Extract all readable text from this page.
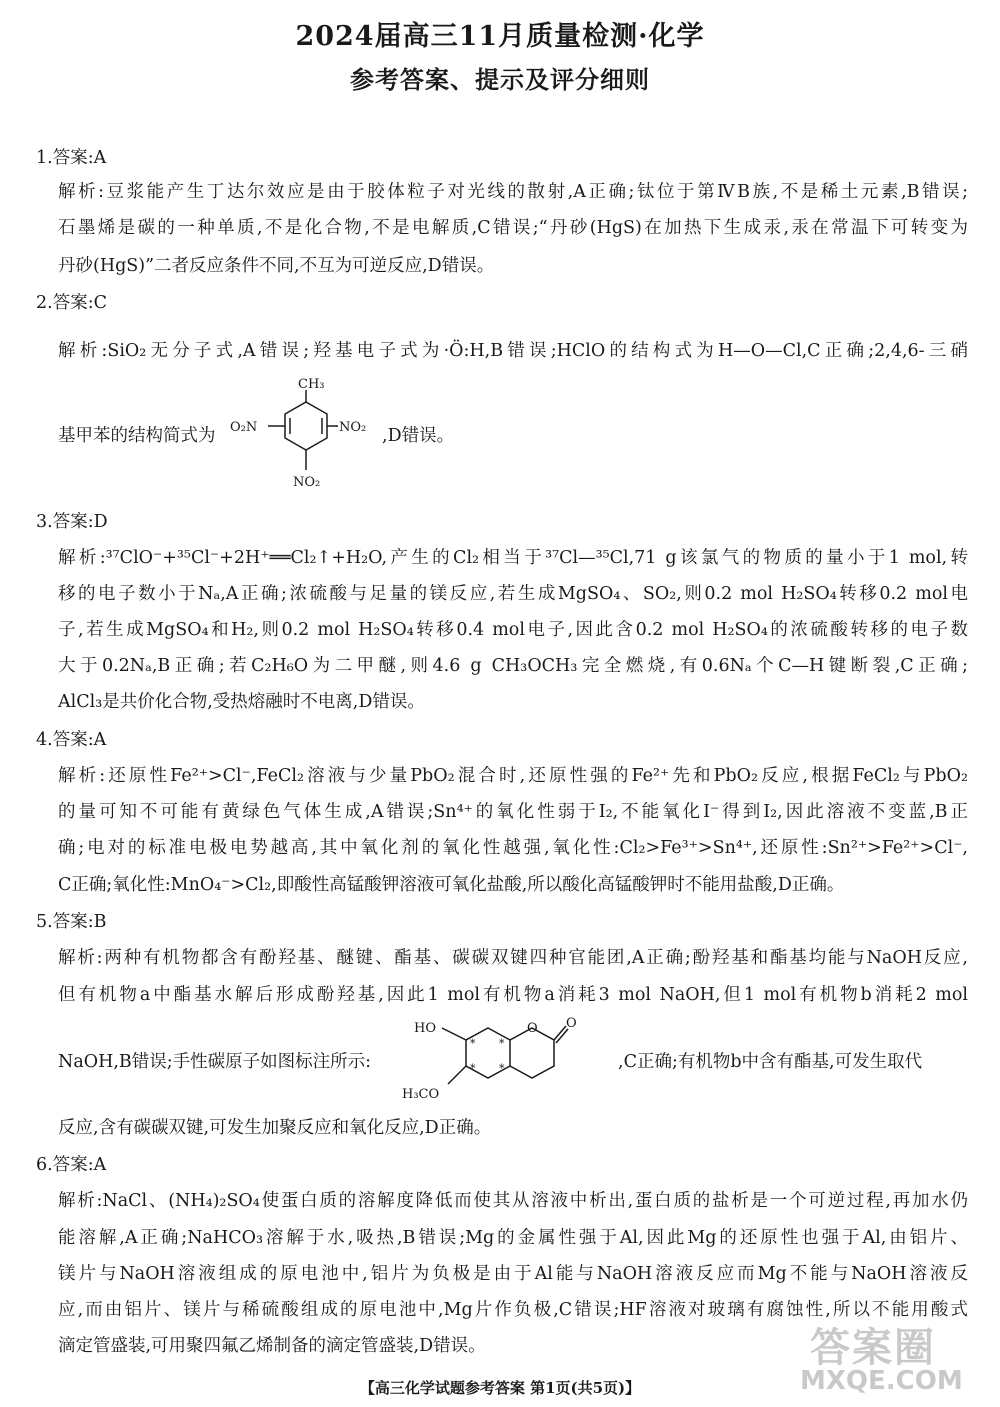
2024届高三11月质量检测·化学
参考答案、提示及评分细则
1.答案:A
解析:豆浆能产生丁达尔效应是由于胶体粒子对光线的散射,A正确;钛位于第ⅣB族,不是稀土元素,B错误;
石墨烯是碳的一种单质,不是化合物,不是电解质,C错误;“丹砂(HgS)在加热下生成汞,汞在常温下可转变为
丹砂(HgS)”二者反应条件不同,不互为可逆反应,D错误。
2.答案:C
解析:SiO₂无分子式,A错误;羟基电子式为·Ö:H,B错误;HClO的结构式为H—O—Cl,C正确;2,4,6-三硝
基甲苯的结构简式为
CH₃
O₂N	NO₂
NO₂
,D错误。
3.答案:D
解析:³⁷ClO⁻+³⁵Cl⁻+2H⁺══Cl₂↑+H₂O,产生的Cl₂相当于³⁷Cl—³⁵Cl,71 g该氯气的物质的量小于1 mol,转
移的电子数小于Nₐ,A正确;浓硫酸与足量的镁反应,若生成MgSO₄、SO₂,则0.2 mol H₂SO₄转移0.2 mol电
子,若生成MgSO₄和H₂,则0.2 mol H₂SO₄转移0.4 mol电子,因此含0.2 mol H₂SO₄的浓硫酸转移的电子数
大于0.2Nₐ,B正确;若C₂H₆O为二甲醚,则4.6 g CH₃OCH₃完全燃烧,有0.6Nₐ个C—H键断裂,C正确;
AlCl₃是共价化合物,受热熔融时不电离,D错误。
4.答案:A
解析:还原性Fe²⁺>Cl⁻,FeCl₂溶液与少量PbO₂混合时,还原性强的Fe²⁺先和PbO₂反应,根据FeCl₂与PbO₂
的量可知不可能有黄绿色气体生成,A错误;Sn⁴⁺的氧化性弱于I₂,不能氧化I⁻得到I₂,因此溶液不变蓝,B正
确;电对的标准电极电势越高,其中氧化剂的氧化性越强,氧化性:Cl₂>Fe³⁺>Sn⁴⁺,还原性:Sn²⁺>Fe²⁺>Cl⁻,
C正确;氧化性:MnO₄⁻>Cl₂,即酸性高锰酸钾溶液可氧化盐酸,所以酸化高锰酸钾时不能用盐酸,D正确。
5.答案:B
解析:两种有机物都含有酚羟基、醚键、酯基、碳碳双键四种官能团,A正确;酚羟基和酯基均能与NaOH反应,
但有机物a中酯基水解后形成酚羟基,因此1 mol有机物a消耗3 mol NaOH,但1 mol有机物b消耗2 mol
NaOH,B错误;手性碳原子如图标注所示:
HO
H₃CO
O O
* *
* *	,C正确;有机物b中含有酯基,可发生取代
反应,含有碳碳双键,可发生加聚反应和氧化反应,D正确。
6.答案:A
解析:NaCl、(NH₄)₂SO₄使蛋白质的溶解度降低而使其从溶液中析出,蛋白质的盐析是一个可逆过程,再加水仍
能溶解,A正确;NaHCO₃溶解于水,吸热,B错误;Mg的金属性强于Al,因此Mg的还原性也强于Al,由铝片、
镁片与NaOH溶液组成的原电池中,铝片为负极是由于Al能与NaOH溶液反应而Mg不能与NaOH溶液反
应,而由铝片、镁片与稀硫酸组成的原电池中,Mg片作负极,C错误;HF溶液对玻璃有腐蚀性,所以不能用酸式
滴定管盛装,可用聚四氟乙烯制备的滴定管盛装,D错误。	答案圈
MXQE.COM
【高三化学试题参考答案 第1页(共5页)】
